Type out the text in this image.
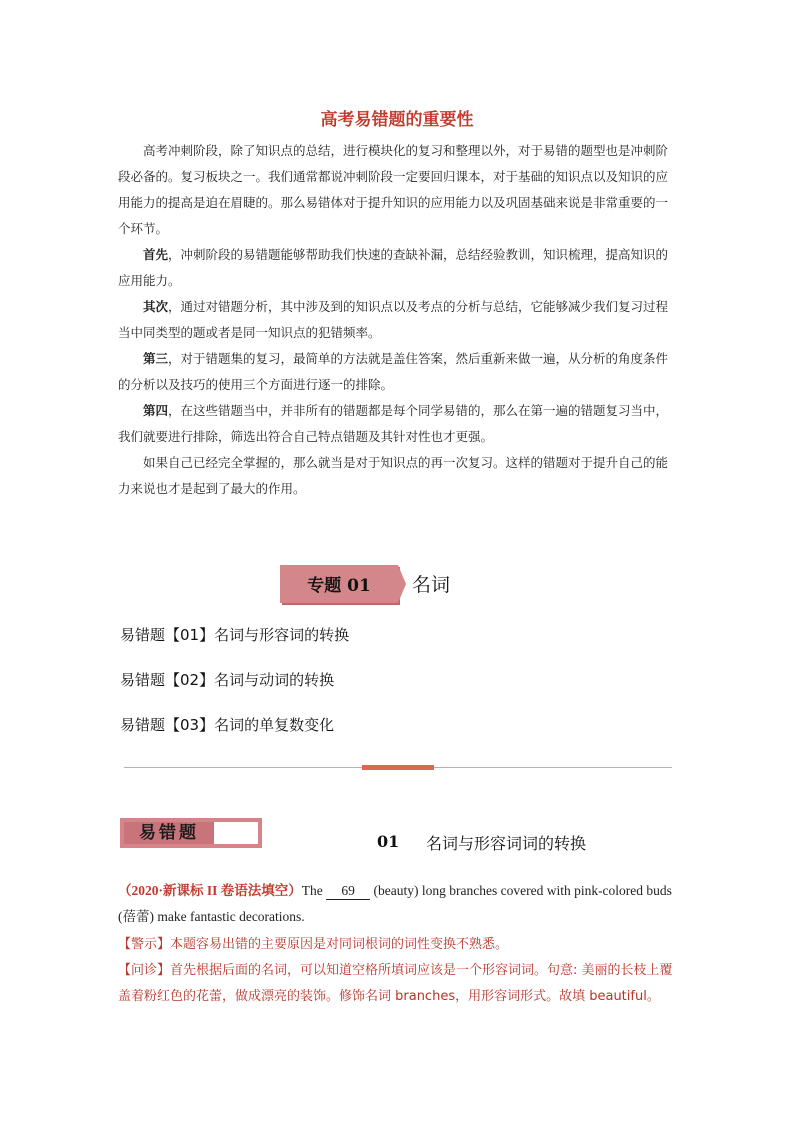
高考易错题的重要性

高考冲刺阶段，除了知识点的总结，进行模块化的复习和整理以外，对于易错的题型也是冲刺阶段必备的。复习板块之一。我们通常都说冲刺阶段一定要回归课本，对于基础的知识点以及知识的应用能力的提高是迫在眉睫的。那么易错体对于提升知识的应用能力以及巩固基础来说是非常重要的一个环节。

首先，冲刺阶段的易错题能够帮助我们快速的查缺补漏，总结经验教训，知识梳理，提高知识的应用能力。

其次，通过对错题分析，其中涉及到的知识点以及考点的分析与总结，它能够减少我们复习过程当中同类型的题或者是同一知识点的犯错频率。

第三，对于错题集的复习，最简单的方法就是盖住答案，然后重新来做一遍，从分析的角度条件的分析以及技巧的使用三个方面进行逐一的排除。

第四，在这些错题当中，并非所有的错题都是每个同学易错的，那么在第一遍的错题复习当中，我们就要进行排除，筛选出符合自己特点错题及其针对性也才更强。

如果自己已经完全掌握的，那么就当是对于知识点的再一次复习。这样的错题对于提升自己的能力来说也才是起到了最大的作用。

专题 01	名词
易错题【01】名词与形容词的转换
易错题【02】名词与动词的转换
易错题【03】名词的单复数变化
易错题	01 名词与形容词词的转换
（2020·新课标 II 卷语法填空）The 69 (beauty) long branches covered with pink-colored buds (蓓蕾) make fantastic decorations.
【警示】本题容易出错的主要原因是对同词根词的词性变换不熟悉。
【问诊】首先根据后面的名词，可以知道空格所填词应该是一个形容词词。句意: 美丽的长枝上覆盖着粉红色的花蕾，做成漂亮的装饰。修饰名词 branches，用形容词形式。故填 beautiful。
